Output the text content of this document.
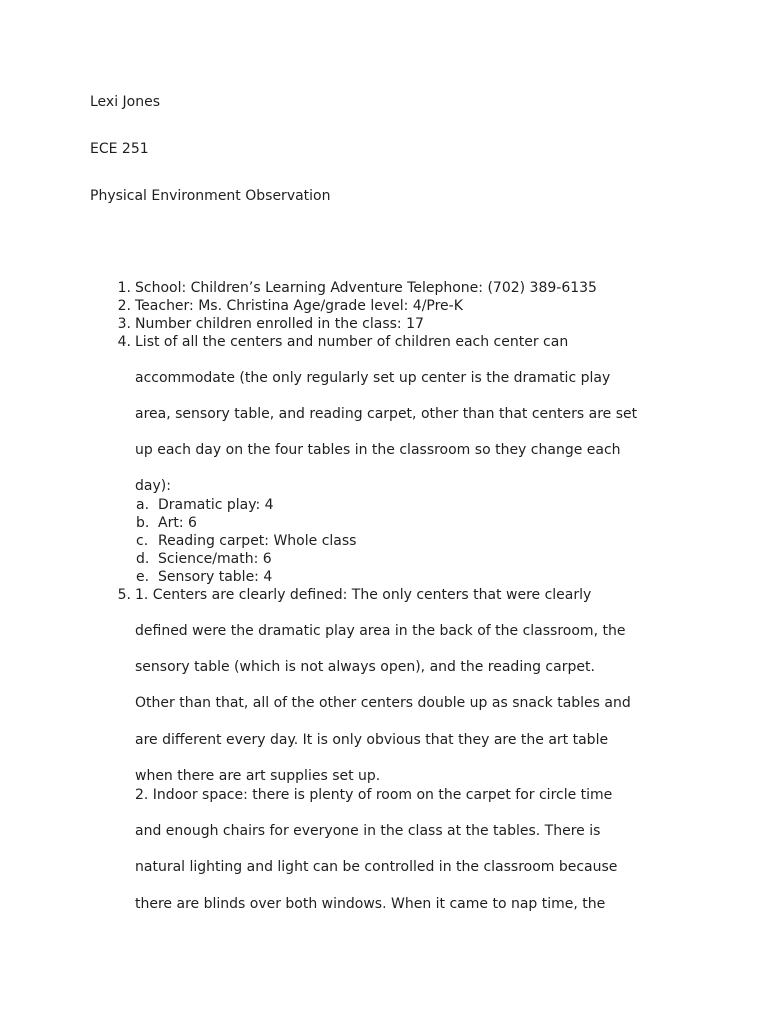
Lexi Jones
ECE 251
Physical Environment Observation
1. School: Children’s Learning Adventure Telephone: (702) 389-6135
2. Teacher: Ms. Christina Age/grade level: 4/Pre-K
3. Number children enrolled in the class: 17
4. List of all the centers and number of children each center can
accommodate (the only regularly set up center is the dramatic play
area, sensory table, and reading carpet, other than that centers are set
up each day on the four tables in the classroom so they change each
day):
a. Dramatic play: 4
b. Art: 6
c. Reading carpet: Whole class
d. Science/math: 6
e. Sensory table: 4
5. 1. Centers are clearly defined: The only centers that were clearly
defined were the dramatic play area in the back of the classroom, the
sensory table (which is not always open), and the reading carpet.
Other than that, all of the other centers double up as snack tables and
are different every day. It is only obvious that they are the art table
when there are art supplies set up.
2. Indoor space: there is plenty of room on the carpet for circle time
and enough chairs for everyone in the class at the tables. There is
natural lighting and light can be controlled in the classroom because
there are blinds over both windows. When it came to nap time, the
